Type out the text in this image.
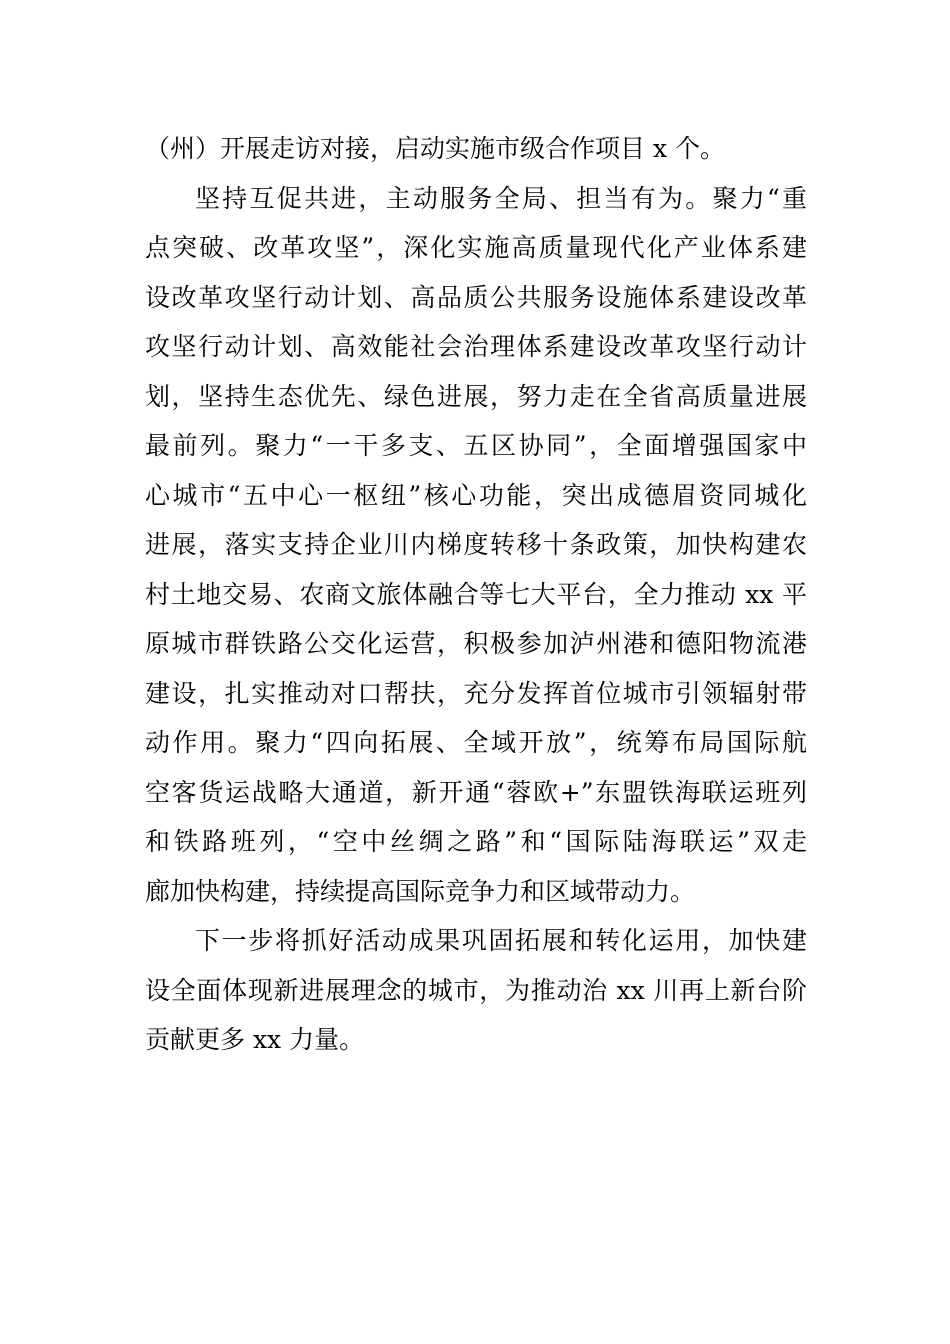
（州）开展走访对接，启动实施市级合作项目 x 个。
坚持互促共进，主动服务全局、担当有为。聚力“重
点突破、改革攻坚”，深化实施高质量现代化产业体系建
设改革攻坚行动计划、高品质公共服务设施体系建设改革
攻坚行动计划、高效能社会治理体系建设改革攻坚行动计
划，坚持生态优先、绿色进展，努力走在全省高质量进展
最前列。聚力“一干多支、五区协同”，全面增强国家中
心城市“五中心一枢纽”核心功能，突出成德眉资同城化
进展，落实支持企业川内梯度转移十条政策，加快构建农
村土地交易、农商文旅体融合等七大平台，全力推动 xx 平
原城市群铁路公交化运营，积极参加泸州港和德阳物流港
建设，扎实推动对口帮扶，充分发挥首位城市引领辐射带
动作用。聚力“四向拓展、全域开放”，统筹布局国际航
空客货运战略大通道，新开通“蓉欧+”东盟铁海联运班列
和铁路班列，“空中丝绸之路”和“国际陆海联运”双走
廊加快构建，持续提高国际竞争力和区域带动力。
下一步将抓好活动成果巩固拓展和转化运用，加快建
设全面体现新进展理念的城市，为推动治 xx 川再上新台阶
贡献更多 xx 力量。
